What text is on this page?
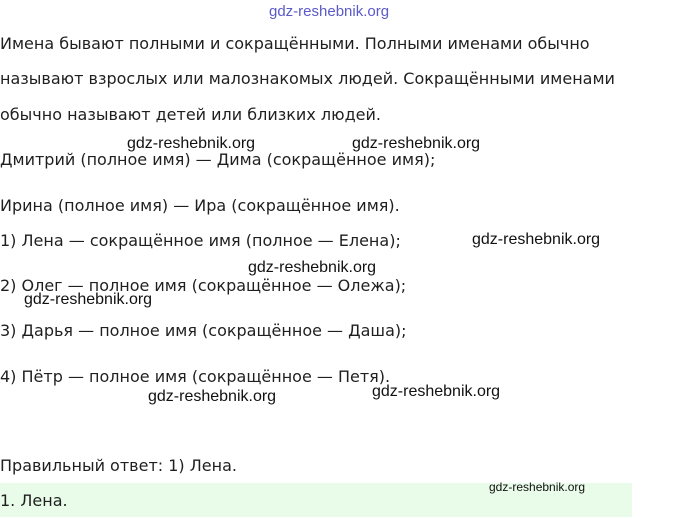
gdz-reshebnik.org
Имена бывают полными и сокращёнными. Полными именами обычно
называют взрослых или малознакомых людей. Сокращёнными именами
обычно называют детей или близких людей.
gdz-reshebnik.org	gdz-reshebnik.org
Дмитрий (полное имя) — Дима (сокращённое имя);
Ирина (полное имя) — Ира (сокращённое имя).
1) Лена — сокращённое имя (полное — Елена);	gdz-reshebnik.org
gdz-reshebnik.org
2) Олег — полное имя (сокращённое — Олежа);
gdz-reshebnik.org
3) Дарья — полное имя (сокращённое — Даша);
4) Пётр — полное имя (сокращённое — Петя).
gdz-reshebnik.org
gdz-reshebnik.org
Правильный ответ: 1) Лена.
1. Лена.
gdz-reshebnik.org
